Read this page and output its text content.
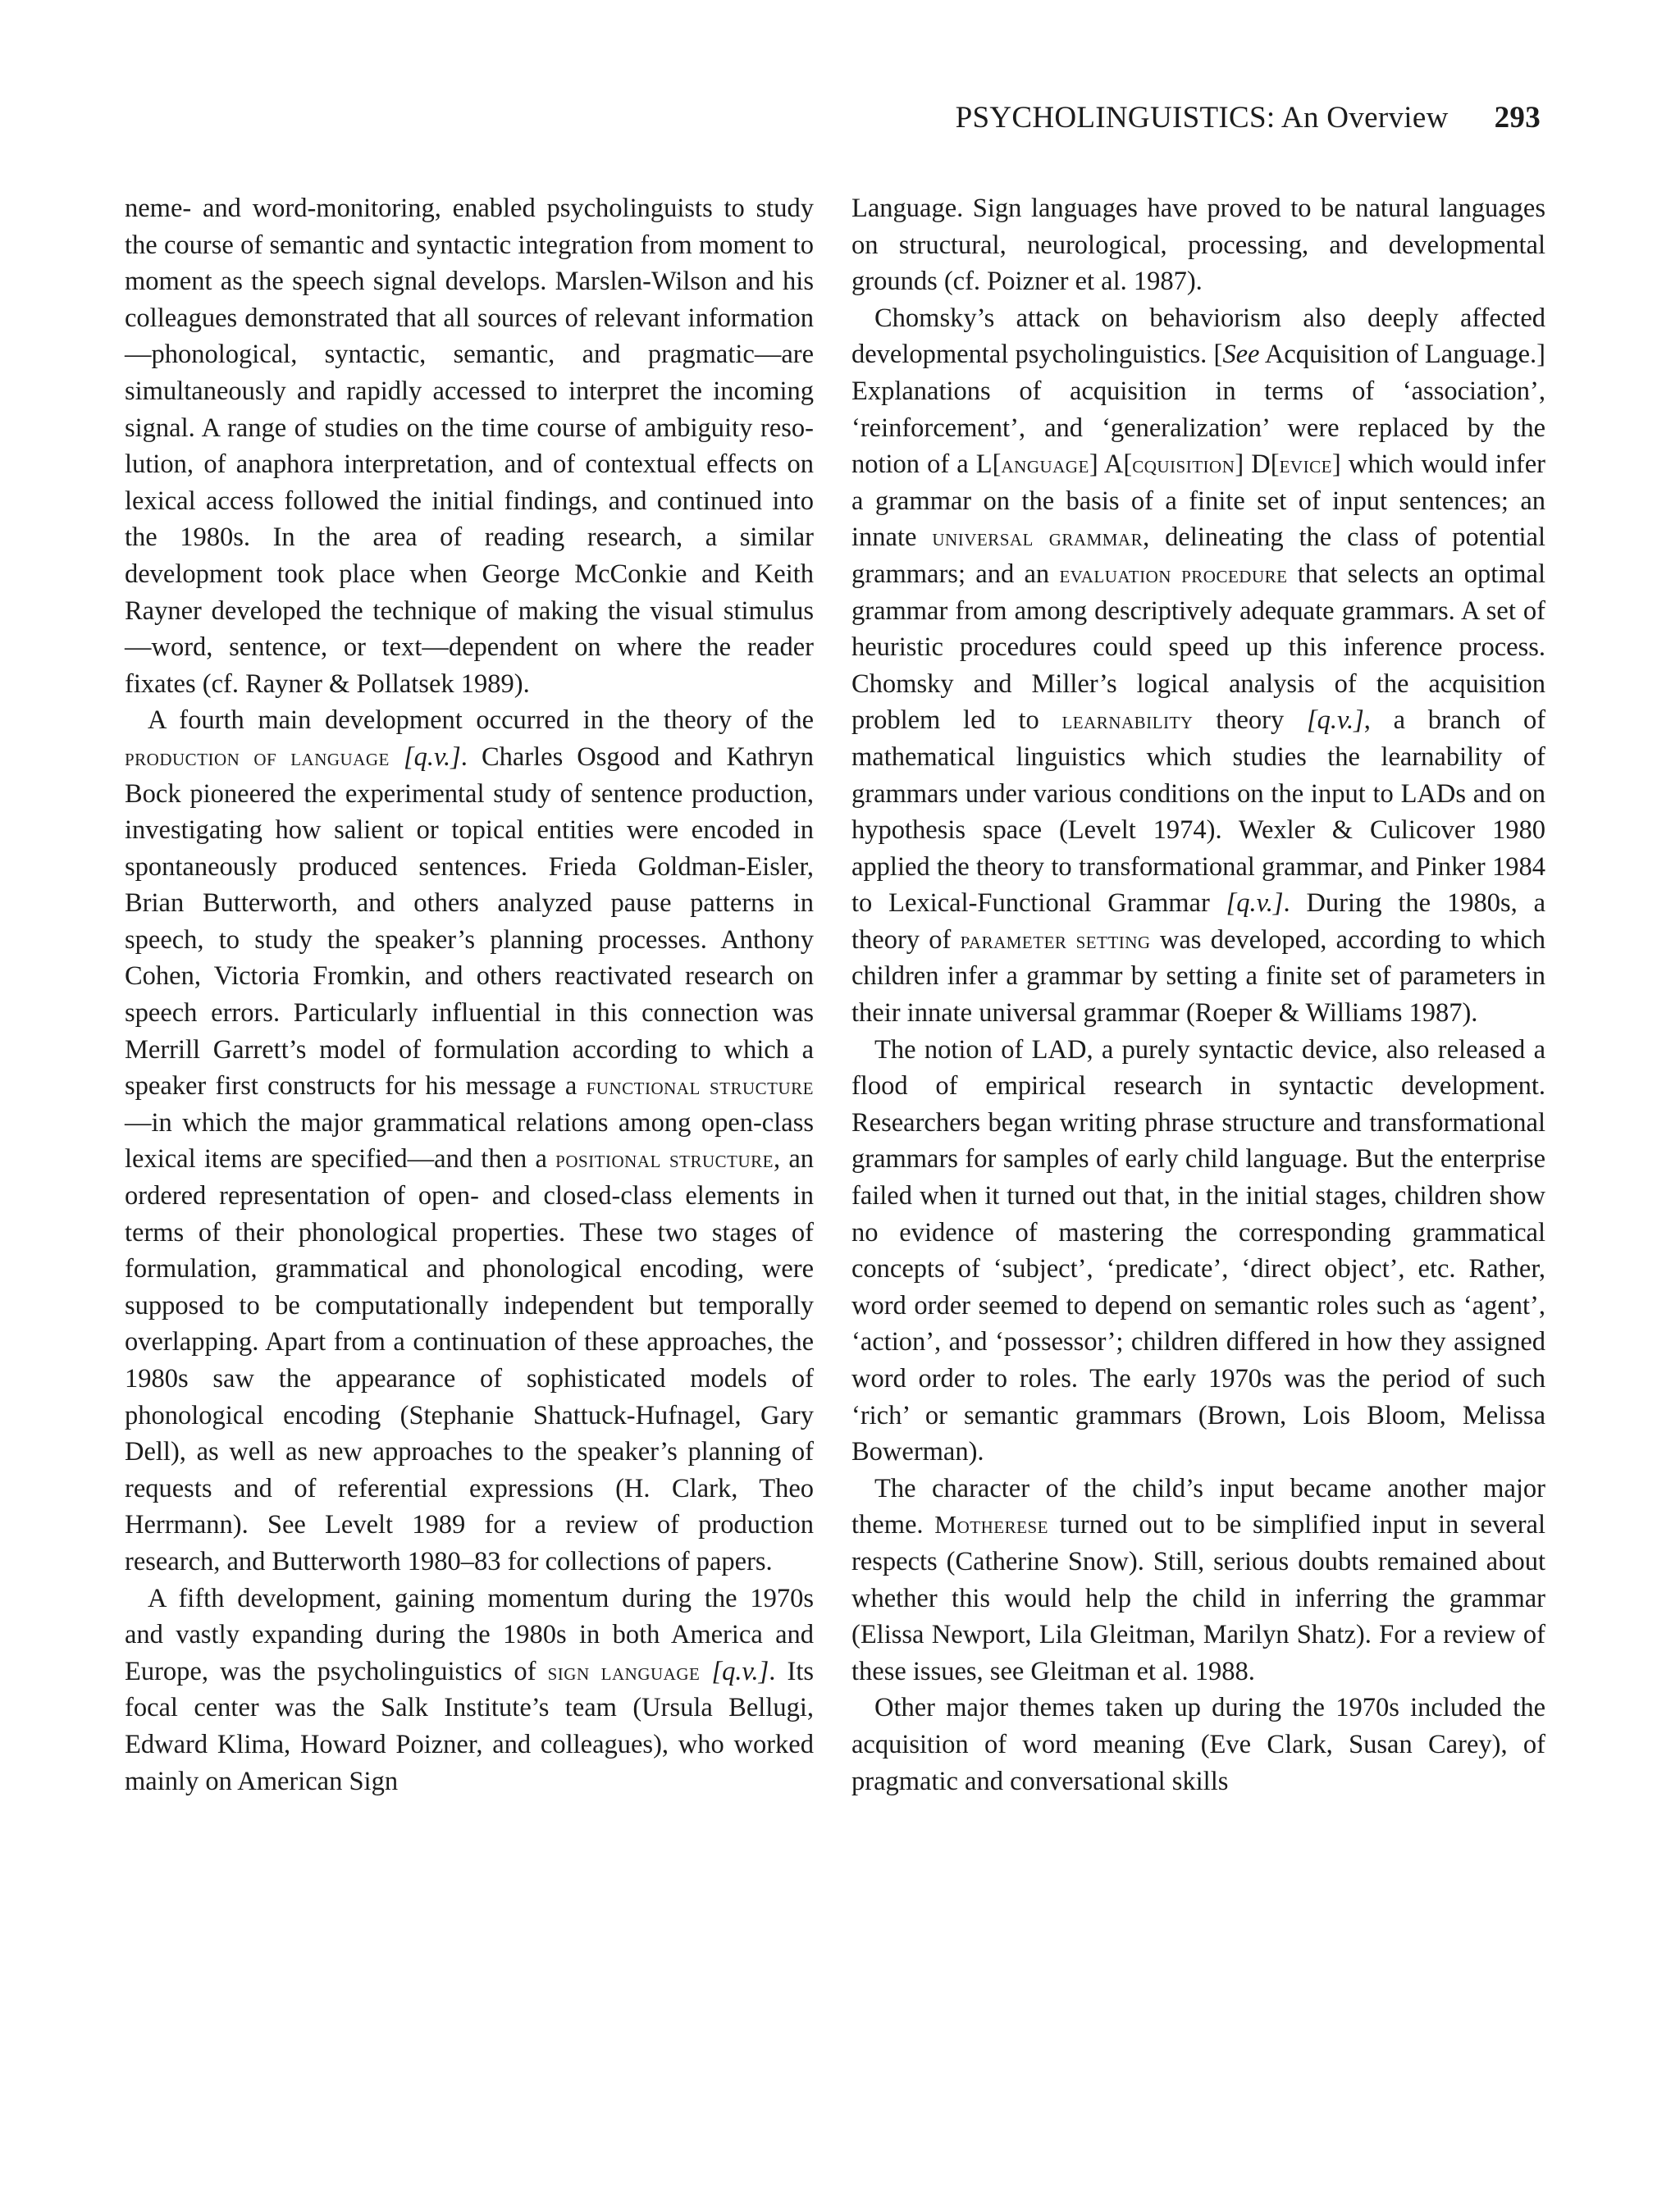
PSYCHOLINGUISTICS: An Overview 293

neme- and word-monitoring, enabled psycholinguists to study the course of semantic and syntactic integration from moment to moment as the speech signal develops. Marslen-Wilson and his colleagues demonstrated that all sources of relevant information—phonological, syntactic, semantic, and pragmatic—are simultaneously and rapidly accessed to interpret the incoming signal. A range of studies on the time course of ambiguity resolution, of anaphora interpretation, and of contextual effects on lexical access followed the initial findings, and continued into the 1980s. In the area of reading research, a similar development took place when George McConkie and Keith Rayner developed the technique of making the visual stimulus—word, sentence, or text—dependent on where the reader fixates (cf. Rayner & Pollatsek 1989).

A fourth main development occurred in the theory of the production of language [q.v.]. Charles Osgood and Kathryn Bock pioneered the experimental study of sentence production, investigating how salient or topical entities were encoded in spontaneously produced sentences. Frieda Goldman-Eisler, Brian Butterworth, and others analyzed pause patterns in speech, to study the speaker’s planning processes. Anthony Cohen, Victoria Fromkin, and others reactivated research on speech errors. Particularly influential in this connection was Merrill Garrett’s model of formulation according to which a speaker first constructs for his message a functional structure—in which the major grammatical relations among open-class lexical items are specified—and then a positional structure, an ordered representation of open- and closed-class elements in terms of their phonological properties. These two stages of formulation, grammatical and phonological encoding, were supposed to be computationally independent but temporally overlapping. Apart from a continuation of these approaches, the 1980s saw the appearance of sophisticated models of phonological encoding (Stephanie Shattuck-Hufnagel, Gary Dell), as well as new approaches to the speaker’s planning of requests and of referential expressions (H. Clark, Theo Herrmann). See Levelt 1989 for a review of production research, and Butterworth 1980–83 for collections of papers.

A fifth development, gaining momentum during the 1970s and vastly expanding during the 1980s in both America and Europe, was the psycholinguistics of sign language [q.v.]. Its focal center was the Salk Institute’s team (Ursula Bellugi, Edward Klima, Howard Poizner, and colleagues), who worked mainly on American Sign

Language. Sign languages have proved to be natural languages on structural, neurological, processing, and developmental grounds (cf. Poizner et al. 1987).

Chomsky’s attack on behaviorism also deeply affected developmental psycholinguistics. [See Acquisition of Language.] Explanations of acquisition in terms of ‘association’, ‘reinforcement’, and ‘generalization’ were replaced by the notion of a L[anguage] A[cquisition] D[evice] which would infer a grammar on the basis of a finite set of input sentences; an innate universal grammar, delineating the class of potential grammars; and an evaluation procedure that selects an optimal grammar from among descriptively adequate grammars. A set of heuristic procedures could speed up this inference process. Chomsky and Miller’s logical analysis of the acquisition problem led to learnability theory [q.v.], a branch of mathematical linguistics which studies the learnability of grammars under various conditions on the input to LADs and on hypothesis space (Levelt 1974). Wexler & Culicover 1980 applied the theory to transformational grammar, and Pinker 1984 to Lexical-Functional Grammar [q.v.]. During the 1980s, a theory of parameter setting was developed, according to which children infer a grammar by setting a finite set of parameters in their innate universal grammar (Roeper & Williams 1987).

The notion of LAD, a purely syntactic device, also released a flood of empirical research in syntactic development. Researchers began writing phrase structure and transformational grammars for samples of early child language. But the enterprise failed when it turned out that, in the initial stages, children show no evidence of mastering the corresponding grammatical concepts of ‘subject’, ‘predicate’, ‘direct object’, etc. Rather, word order seemed to depend on semantic roles such as ‘agent’, ‘action’, and ‘possessor’; children differed in how they assigned word order to roles. The early 1970s was the period of such ‘rich’ or semantic grammars (Brown, Lois Bloom, Melissa Bowerman).

The character of the child’s input became another major theme. Motherese turned out to be simplified input in several respects (Catherine Snow). Still, serious doubts remained about whether this would help the child in inferring the grammar (Elissa Newport, Lila Gleitman, Marilyn Shatz). For a review of these issues, see Gleitman et al. 1988.

Other major themes taken up during the 1970s included the acquisition of word meaning (Eve Clark, Susan Carey), of pragmatic and conversational skills
